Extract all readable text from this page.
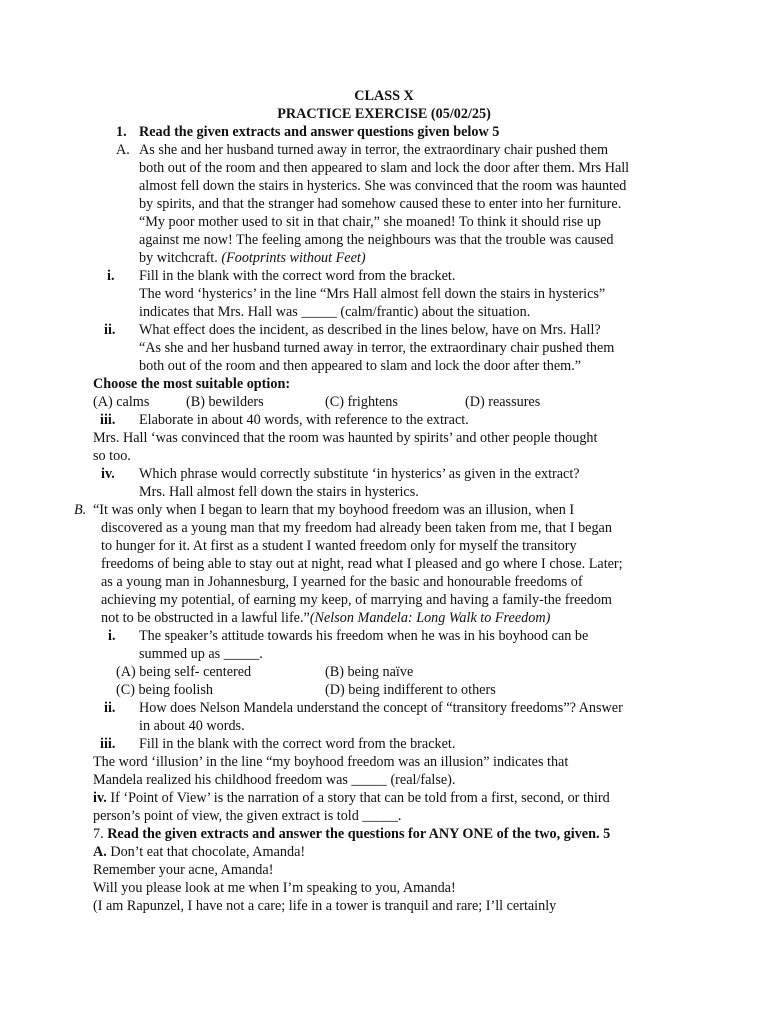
CLASS X
PRACTICE EXERCISE (05/02/25)
1. Read the given extracts and answer questions given below 5
A. As she and her husband turned away in terror, the extraordinary chair pushed them
both out of the room and then appeared to slam and lock the door after them. Mrs Hall
almost fell down the stairs in hysterics. She was convinced that the room was haunted
by spirits, and that the stranger had somehow caused these to enter into her furniture.
“My poor mother used to sit in that chair,” she moaned! To think it should rise up
against me now! The feeling among the neighbours was that the trouble was caused
by witchcraft. (Footprints without Feet)
i. Fill in the blank with the correct word from the bracket.
The word ‘hysterics’ in the line “Mrs Hall almost fell down the stairs in hysterics”
indicates that Mrs. Hall was _____ (calm/frantic) about the situation.
ii. What effect does the incident, as described in the lines below, have on Mrs. Hall?
“As she and her husband turned away in terror, the extraordinary chair pushed them
both out of the room and then appeared to slam and lock the door after them.”
Choose the most suitable option:
(A) calms	(B) bewilders	(C) frightens	(D) reassures
iii. Elaborate in about 40 words, with reference to the extract.
Mrs. Hall ‘was convinced that the room was haunted by spirits’ and other people thought
so too.
iv. Which phrase would correctly substitute ‘in hysterics’ as given in the extract?
Mrs. Hall almost fell down the stairs in hysterics.
B. “It was only when I began to learn that my boyhood freedom was an illusion, when I
discovered as a young man that my freedom had already been taken from me, that I began
to hunger for it. At first as a student I wanted freedom only for myself the transitory
freedoms of being able to stay out at night, read what I pleased and go where I chose. Later;
as a young man in Johannesburg, I yearned for the basic and honourable freedoms of
achieving my potential, of earning my keep, of marrying and having a family-the freedom
not to be obstructed in a lawful life.”(Nelson Mandela: Long Walk to Freedom)
i. The speaker’s attitude towards his freedom when he was in his boyhood can be
summed up as _____.
(A) being self- centered	(B) being naïve
(C) being foolish	(D) being indifferent to others
ii. How does Nelson Mandela understand the concept of “transitory freedoms”? Answer
in about 40 words.
iii. Fill in the blank with the correct word from the bracket.
The word ‘illusion’ in the line “my boyhood freedom was an illusion” indicates that
Mandela realized his childhood freedom was _____ (real/false).
iv. If ‘Point of View’ is the narration of a story that can be told from a first, second, or third
person’s point of view, the given extract is told _____.
7. Read the given extracts and answer the questions for ANY ONE of the two, given. 5
A. Don’t eat that chocolate, Amanda!
Remember your acne, Amanda!
Will you please look at me when I’m speaking to you, Amanda!
(I am Rapunzel, I have not a care; life in a tower is tranquil and rare; I’ll certainly
